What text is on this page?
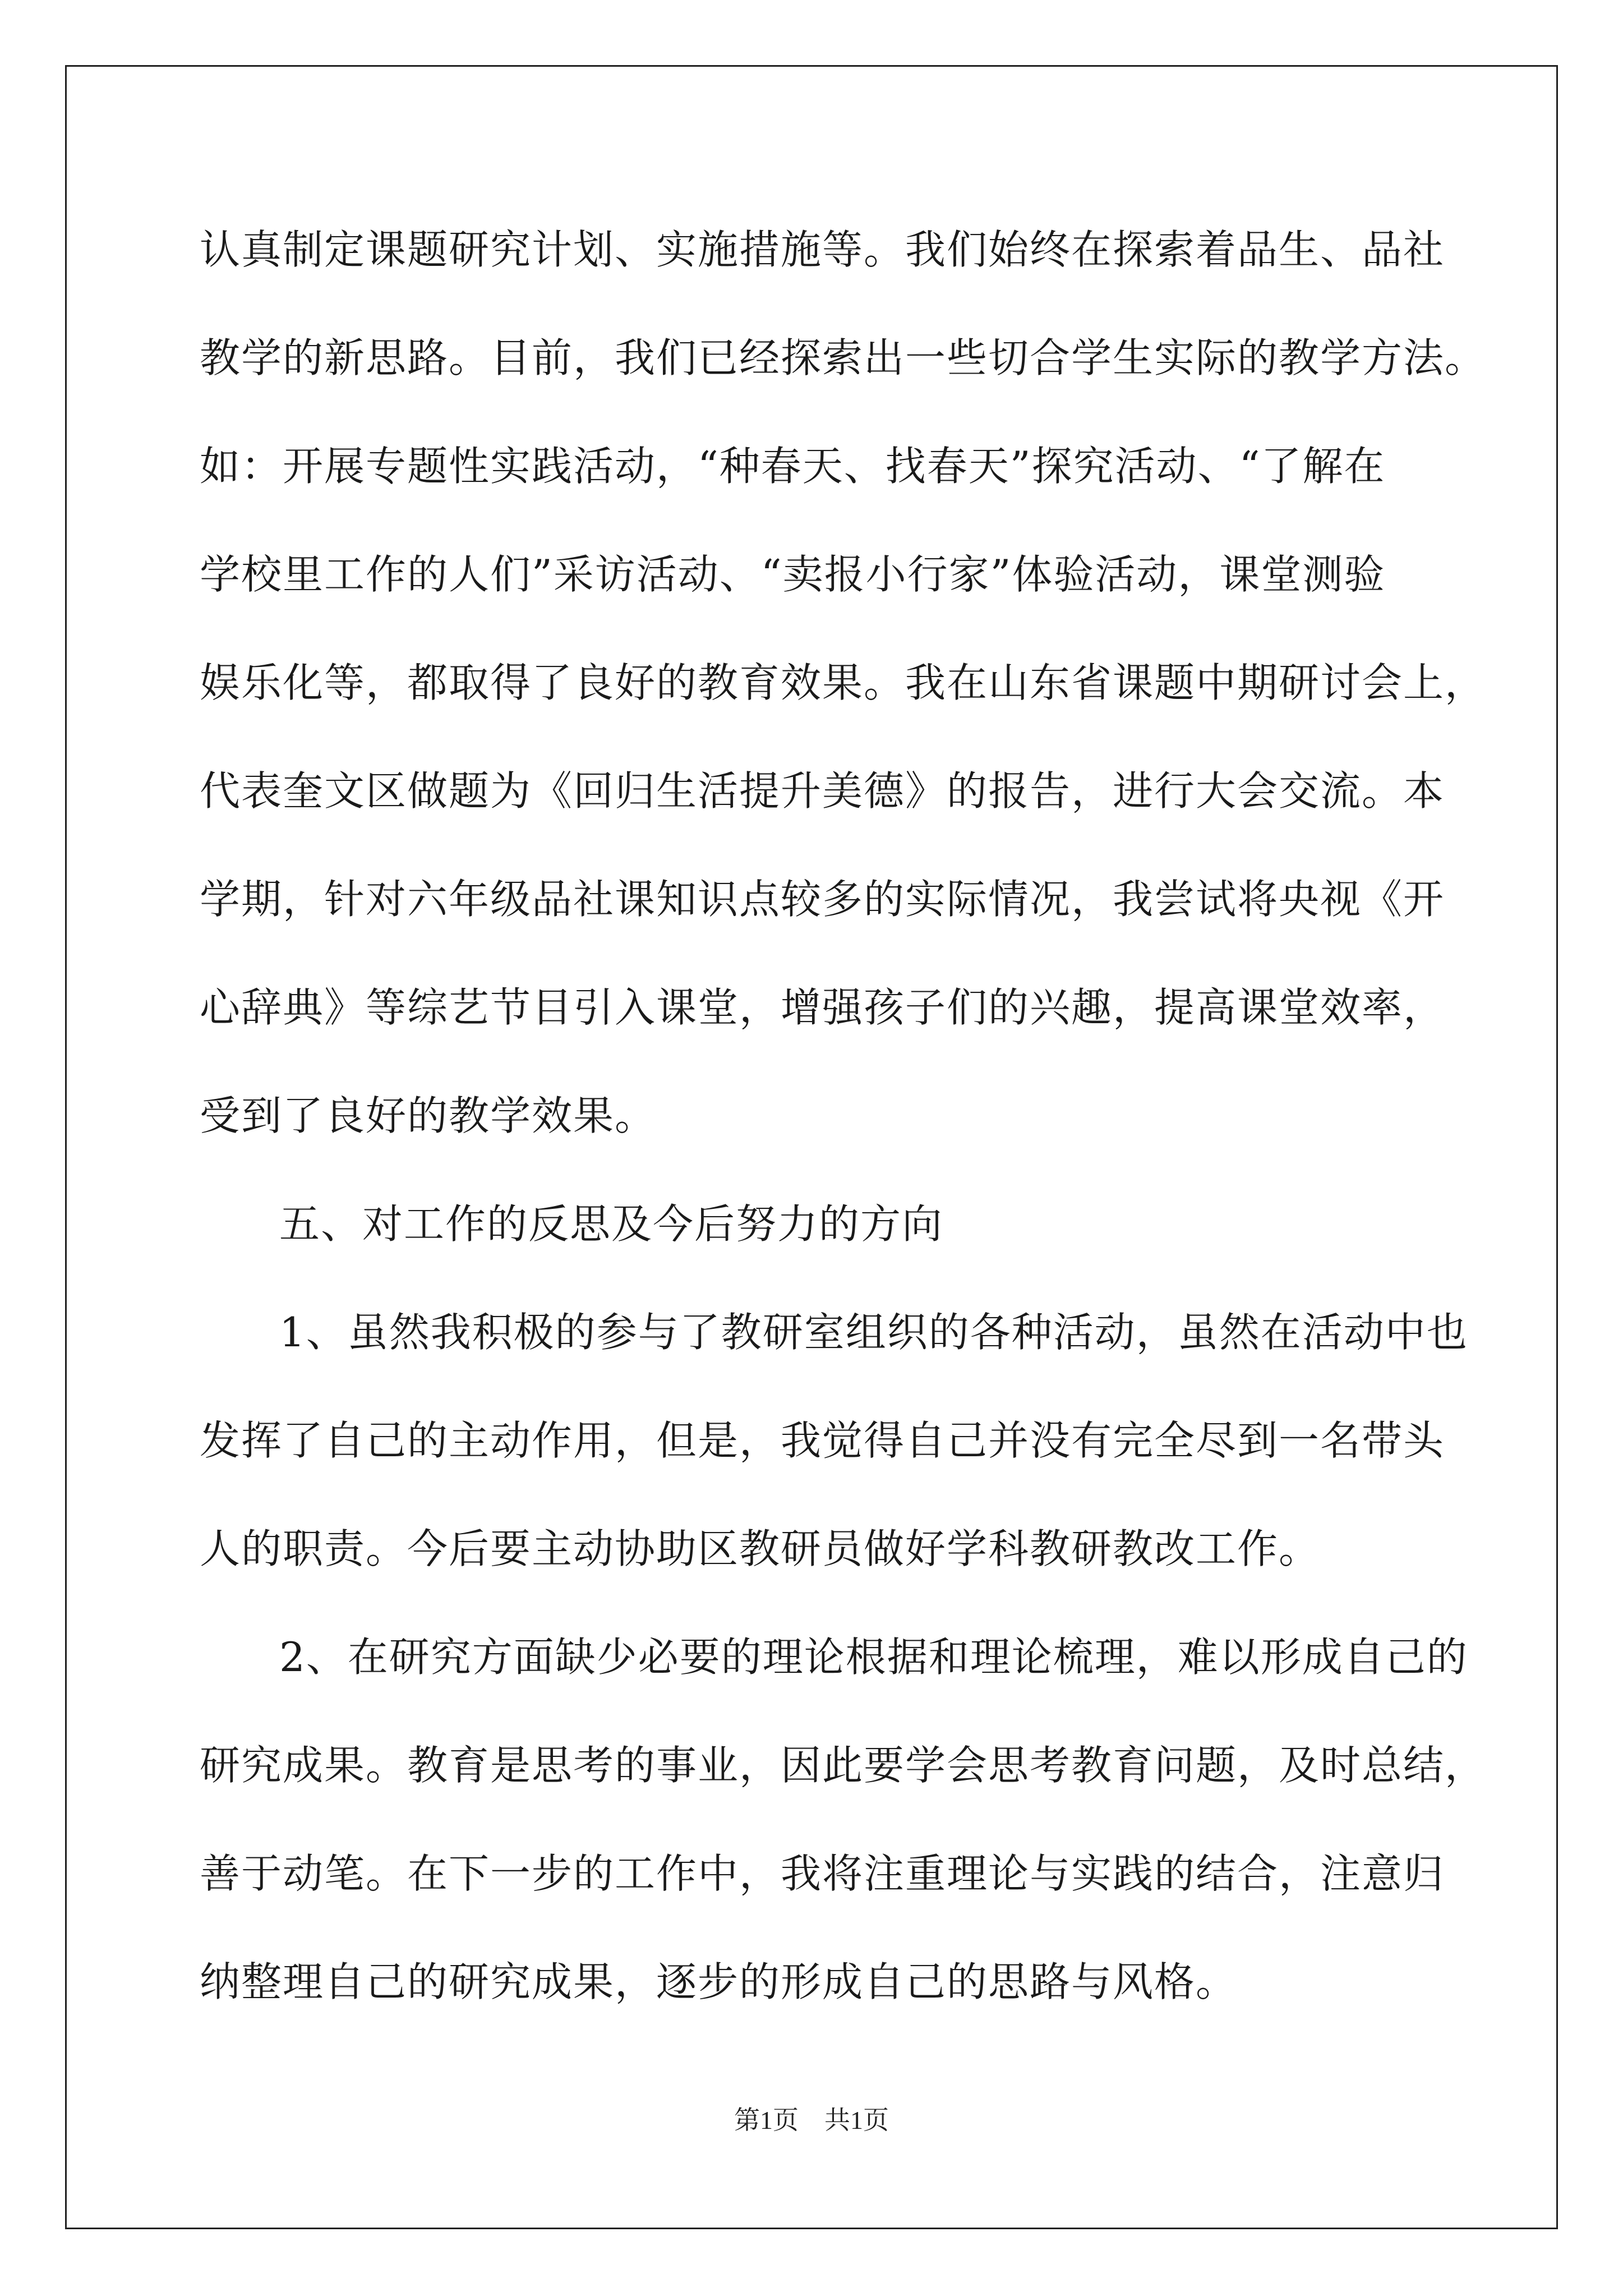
认真制定课题研究计划、实施措施等。我们始终在探索着品生、品社
教学的新思路。目前，我们已经探索出一些切合学生实际的教学方法。
如：开展专题性实践活动，“种春天、找春天”探究活动、“了解在
学校里工作的人们”采访活动、“卖报小行家”体验活动，课堂测验
娱乐化等，都取得了良好的教育效果。我在山东省课题中期研讨会上，
代表奎文区做题为《回归生活提升美德》的报告，进行大会交流。本
学期，针对六年级品社课知识点较多的实际情况，我尝试将央视《开
心辞典》等综艺节目引入课堂，增强孩子们的兴趣，提高课堂效率，
受到了良好的教学效果。
五、对工作的反思及今后努力的方向
1、虽然我积极的参与了教研室组织的各种活动，虽然在活动中也
发挥了自己的主动作用，但是，我觉得自己并没有完全尽到一名带头
人的职责。今后要主动协助区教研员做好学科教研教改工作。
2、在研究方面缺少必要的理论根据和理论梳理，难以形成自己的
研究成果。教育是思考的事业，因此要学会思考教育问题，及时总结，
善于动笔。在下一步的工作中，我将注重理论与实践的结合，注意归
纳整理自己的研究成果，逐步的形成自己的思路与风格。
第1页　共1页
